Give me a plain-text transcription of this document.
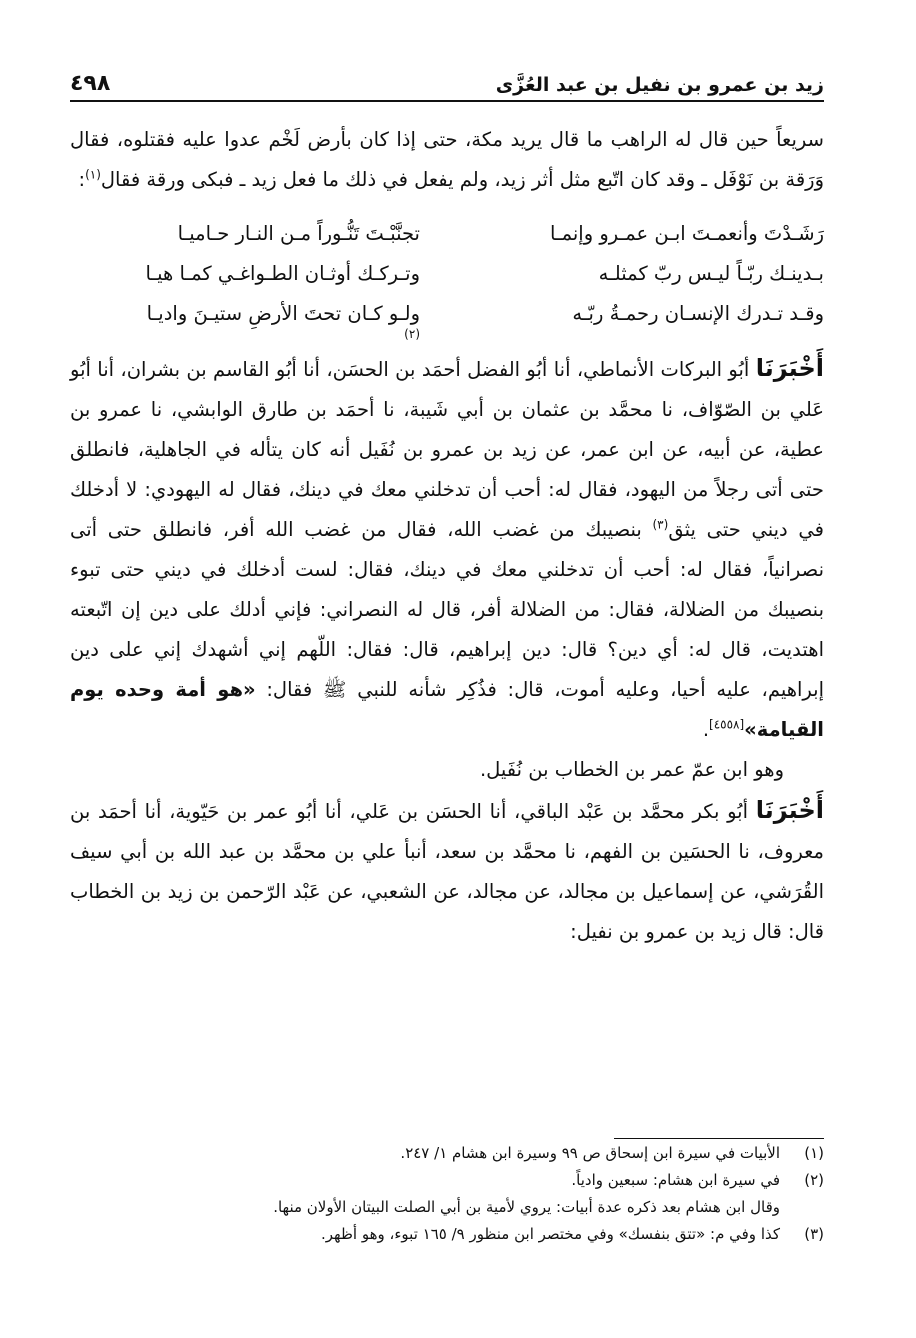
زيد بن عمرو بن نفيل بن عبد العُزَّى
٤٩٨

سريعاً حين قال له الراهب ما قال يريد مكة، حتى إذا كان بأرض لَخْم عدوا عليه فقتلوه، فقال وَرَقة بن نَوْفَل ـ وقد كان اتّبع مثل أثر زيد، ولم يفعل في ذلك ما فعل زيد ـ فبكى ورقة فقال$^{(١)}$:

رَشَـدْتَ وأنعمـتَ ابـن عمـرو وإنمـا
تجنَّبْـتَ تَنُّـوراً مـن النـار حـاميـا
بـدينـك ربّـاً ليـس ربّ كمثلـه
وتـركـك أوثـان الطـواغـي كمـا هيـا
وقـد تـدرك الإنسـان رحمـةُ ربّـه
ولـو كـان تحتَ الأرضِ ستيـنَ واديـا
(٢)

أَخْبَرَنَا أبُو البركات الأنماطي، أنا أبُو الفضل أحمَد بن الحسَن، أنا أبُو القاسم بن بشران، أنا أبُو عَلي بن الصّوّاف، نا محمَّد بن عثمان بن أبي شَيبة، نا أحمَد بن طارق الوابشي، نا عمرو بن عطية، عن أبيه، عن ابن عمر، عن زيد بن عمرو بن نُفَيل أنه كان يتأله في الجاهلية، فانطلق حتى أتى رجلاً من اليهود، فقال له: أحب أن تدخلني معك في دينك، فقال له اليهودي: لا أدخلك في ديني حتى يثق$^{(٣)}$ بنصيبك من غضب الله، فقال من غضب الله أفر، فانطلق حتى أتى نصرانياً، فقال له: أحب أن تدخلني معك في دينك، فقال: لست أدخلك في ديني حتى تبوء بنصيبك من الضلالة، فقال: من الضلالة أفر، قال له النصراني: فإني أدلك على دين إن اتّبعته اهتديت، قال له: أي دين؟ قال: دين إبراهيم، قال: فقال: اللّهم إني أشهدك إني على دين إبراهيم، عليه أحيا، وعليه أموت، قال: فذُكِر شأنه للنبي ﷺ فقال: «هو أمة وحده يوم القيامة»[٤٥٥٨].

وهو ابن عمّ عمر بن الخطاب بن نُفَيل.

أَخْبَرَنَا أبُو بكر محمَّد بن عَبْد الباقي، أنا الحسَن بن عَلي، أنا أبُو عمر بن حَيّوية، أنا أحمَد بن معروف، نا الحسَين بن الفهم، نا محمَّد بن سعد، أنبأ علي بن محمَّد بن عبد الله بن أبي سيف القُرَشي، عن إسماعيل بن مجالد، عن مجالد، عن الشعبي، عن عَبْد الرّحمن بن زيد بن الخطاب قال: قال زيد بن عمرو بن نفيل:

(١)
الأبيات في سيرة ابن إسحاق ص ٩٩ وسيرة ابن هشام ١/ ٢٤٧.
(٢)
في سيرة ابن هشام: سبعين وادياً.
وقال ابن هشام بعد ذكره عدة أبيات: يروي لأمية بن أبي الصلت البيتان الأولان منها.
(٣)
كذا وفي م: «تتق بنفسك» وفي مختصر ابن منظور ٩/ ١٦٥ تبوء، وهو أظهر.
